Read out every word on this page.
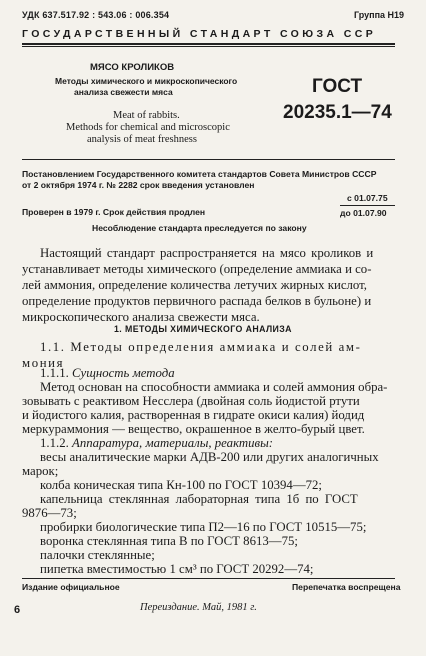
УДК 637.517.92 : 543.06 : 006.354	Группа Н19
ГОСУДАРСТВЕННЫЙ СТАНДАРТ СОЮЗА ССР
МЯСО КРОЛИКОВ
Методы химического и микроскопического
анализа свежести мяса
Meat of rabbits.
Methods for chemical and microscopic
analysis of meat freshness
ГОСТ
20235.1—74
Постановлением Государственного комитета стандартов Совета Министров СССР
от 2 октября 1974 г. № 2282 срок введения установлен
с 01.07.75
Проверен в 1979 г. Срок действия продлен	до 01.07.90
Несоблюдение стандарта преследуется по закону
Настоящий стандарт распространяется на мясо кроликов и
устанавливает методы химического (определение аммиака и со-
лей аммония, определение количества летучих жирных кислот,
определение продуктов первичного распада белков в бульоне) и
микроскопического анализа свежести мяса.
1. МЕТОДЫ ХИМИЧЕСКОГО АНАЛИЗА
1.1. Методы определения аммиака и солей ам-
мония
1.1.1. Сущность метода
Метод основан на способности аммиака и солей аммония обра-
зовывать с реактивом Несслера (двойная соль йодистой ртути
и йодистого калия, растворенная в гидрате окиси калия) йодид
меркураммония — вещество, окрашенное в желто-бурый цвет.
1.1.2. Аппаратура, материалы, реактивы:
весы аналитические марки АДВ-200 или других аналогичных
марок;
колба коническая типа Кн-100 по ГОСТ 10394—72;
капельница стеклянная лабораторная типа 1б по ГОСТ
9876—73;
пробирки биологические типа П2—16 по ГОСТ 10515—75;
воронка стеклянная типа В по ГОСТ 8613—75;
палочки стеклянные;
пипетка вместимостью 1 см³ по ГОСТ 20292—74;
Издание официальное	Перепечатка воспрещена
Переиздание. Май, 1981 г.
6
